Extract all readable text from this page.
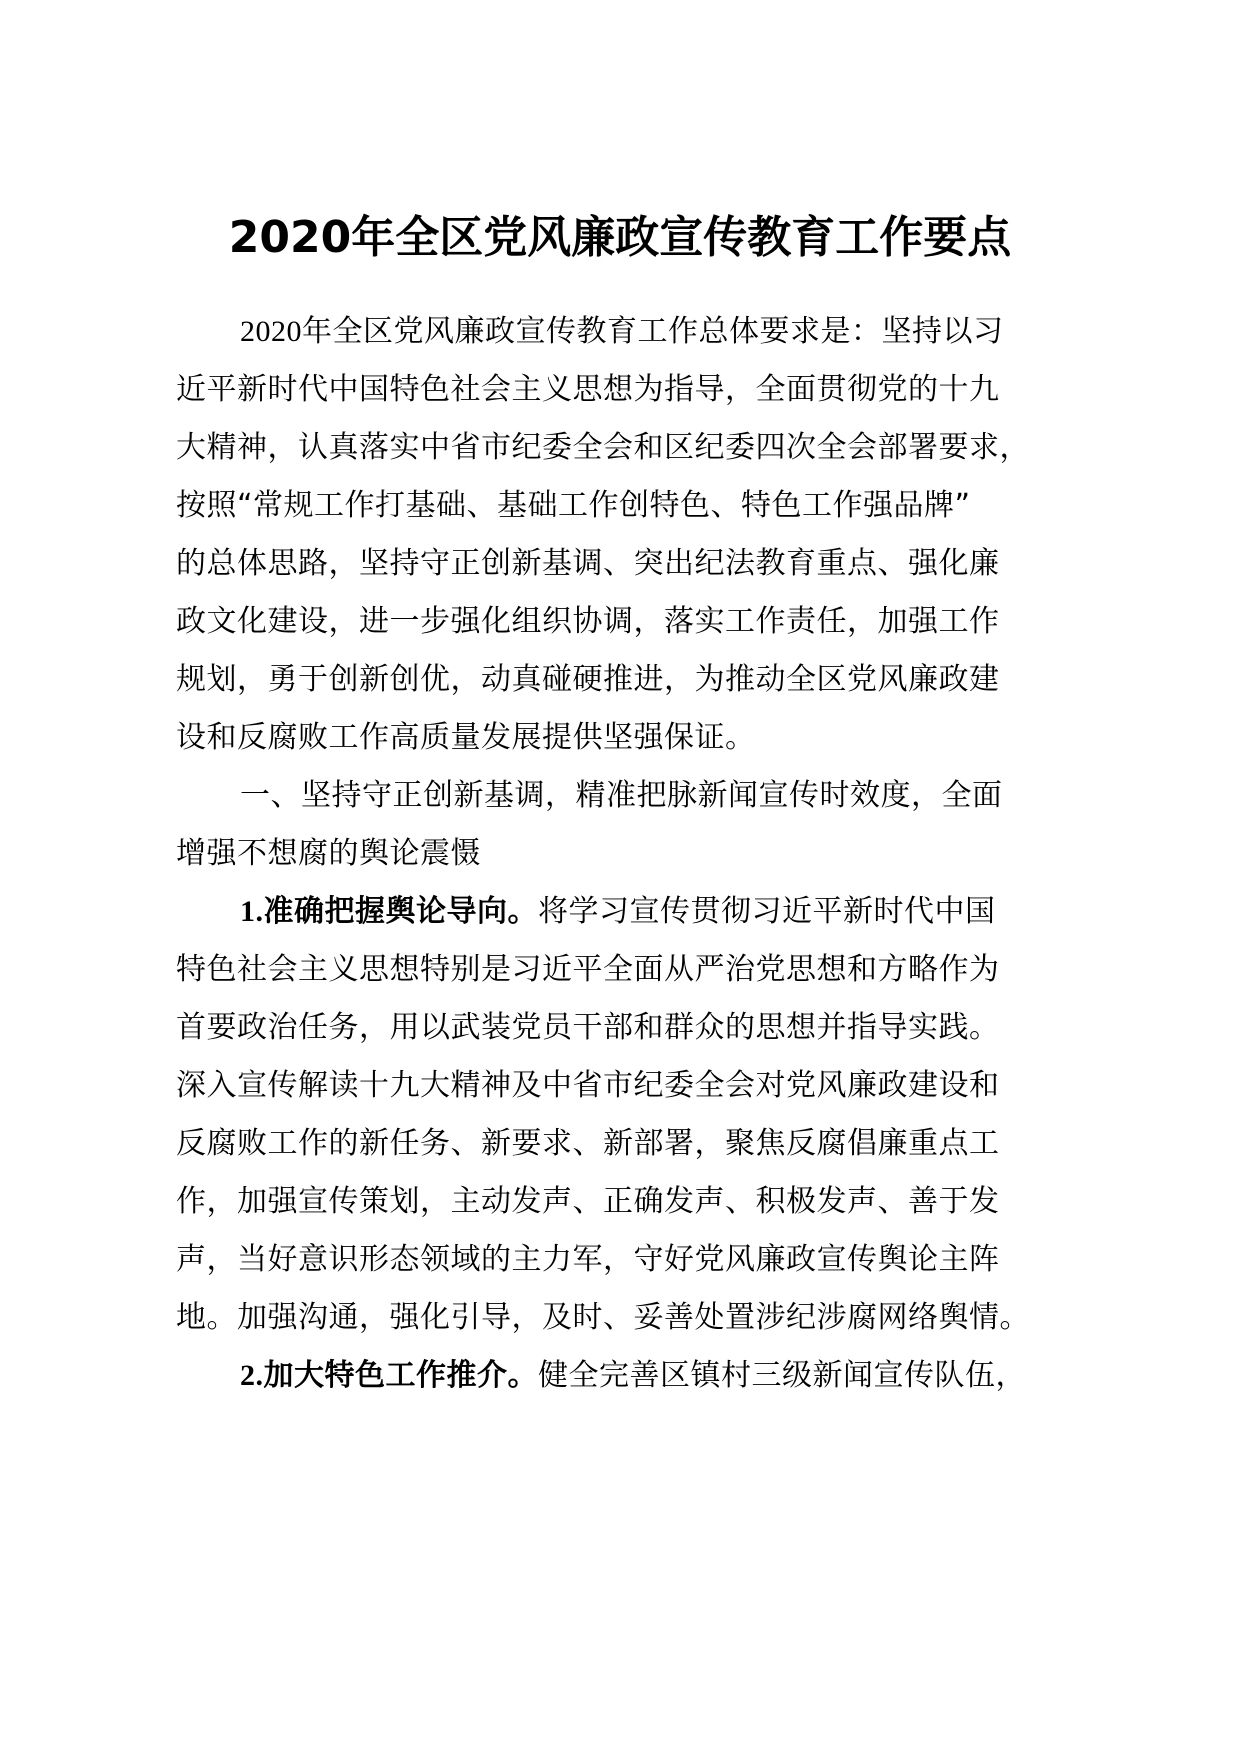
2020年全区党风廉政宣传教育工作要点
2020年全区党风廉政宣传教育工作总体要求是：坚持以习
近平新时代中国特色社会主义思想为指导，全面贯彻党的十九
大精神，认真落实中省市纪委全会和区纪委四次全会部署要求，
按照“常规工作打基础、基础工作创特色、特色工作强品牌”
的总体思路，坚持守正创新基调、突出纪法教育重点、强化廉
政文化建设，进一步强化组织协调，落实工作责任，加强工作
规划，勇于创新创优，动真碰硬推进，为推动全区党风廉政建
设和反腐败工作高质量发展提供坚强保证。
一、坚持守正创新基调，精准把脉新闻宣传时效度，全面
增强不想腐的舆论震慑
1.准确把握舆论导向。将学习宣传贯彻习近平新时代中国
特色社会主义思想特别是习近平全面从严治党思想和方略作为
首要政治任务，用以武装党员干部和群众的思想并指导实践。
深入宣传解读十九大精神及中省市纪委全会对党风廉政建设和
反腐败工作的新任务、新要求、新部署，聚焦反腐倡廉重点工
作，加强宣传策划，主动发声、正确发声、积极发声、善于发
声，当好意识形态领域的主力军，守好党风廉政宣传舆论主阵
地。加强沟通，强化引导，及时、妥善处置涉纪涉腐网络舆情。
2.加大特色工作推介。健全完善区镇村三级新闻宣传队伍，
